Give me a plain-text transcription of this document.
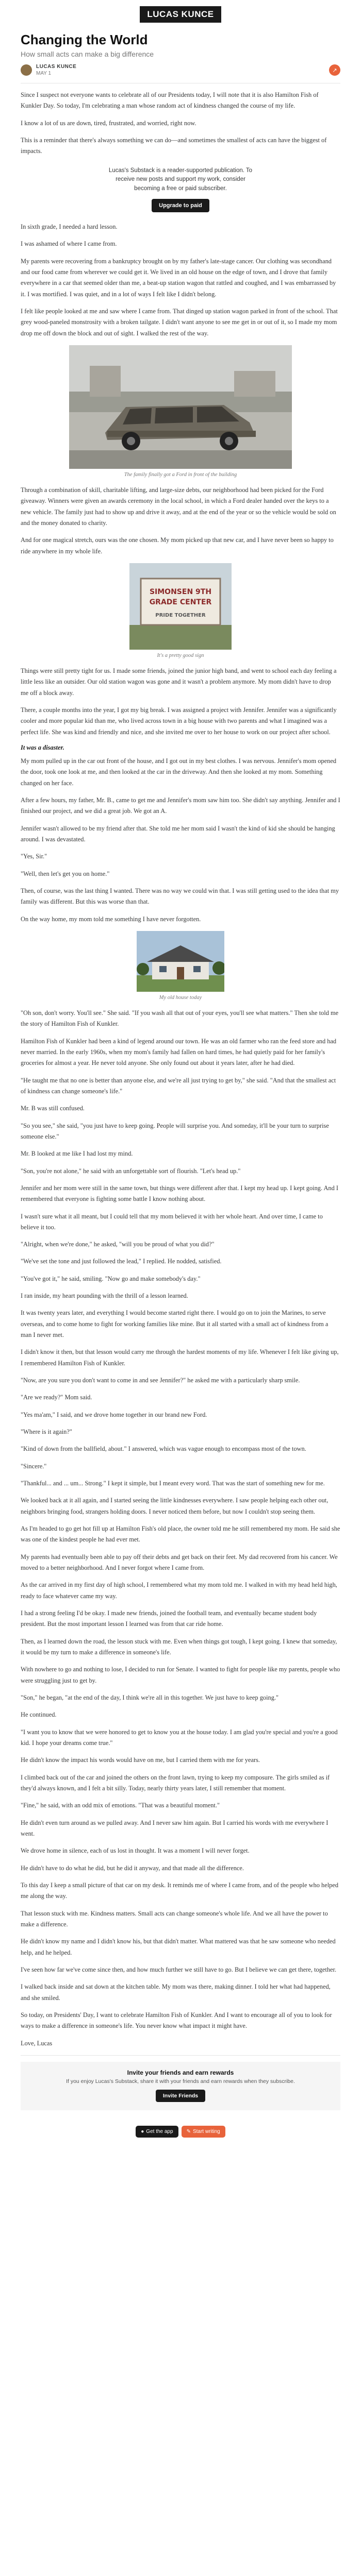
LUCAS KUNCE
Changing the World
How small acts can make a big difference
LUCAS KUNCE
MAY 1	↗

Since I suspect not everyone wants to celebrate all of our Presidents today, I will note that it is also Hamilton Fish of Kunkler Day. So today, I'm celebrating a man whose random act of kindness changed the course of my life.

I know a lot of us are down, tired, frustrated, and worried, right now.

This is a reminder that there's always something we can do—and sometimes the smallest of acts can have the biggest of impacts.

Lucas's Substack is a reader-supported publication. To
receive new posts and support my work, consider
becoming a free or paid subscriber.

Upgrade to paid

In sixth grade, I needed a hard lesson.

I was ashamed of where I came from.

My parents were recovering from a bankruptcy brought on by my father's late-stage cancer. Our clothing was secondhand and our food came from wherever we could get it. We lived in an old house on the edge of town, and I drove that family everywhere in a car that seemed older than me, a beat-up station wagon that rattled and coughed, and I was embarrassed by it. I was mortified. I was quiet, and in a lot of ways I felt like I didn't belong.

I felt like people looked at me and saw where I came from. That dinged up station wagon parked in front of the school. That grey wood-paneled monstrosity with a broken tailgate. I didn't want anyone to see me get in or out of it, so I made my mom drop me off down the block and out of sight. I walked the rest of the way.

The family finally got a Ford in front of the building

Through a combination of skill, charitable lifting, and large-size debts, our neighborhood had been picked for the Ford giveaway. Winners were given an awards ceremony in the local school, in which a Ford dealer handed over the keys to a new vehicle. The family just had to show up and drive it away, and at the end of the year or so the vehicle would be sold on and the money donated to charity.

And for one magical stretch, ours was the one chosen. My mom picked up that new car, and I have never been so happy to ride anywhere in my whole life.

SIMONSEN 9TH
GRADE CENTER
PRIDE TOGETHER
It's a pretty good sign

Things were still pretty tight for us. I made some friends, joined the junior high band, and went to school each day feeling a little less like an outsider. Our old station wagon was gone and it wasn't a problem anymore. My mom didn't have to drop me off a block away.

There, a couple months into the year, I got my big break. I was assigned a project with Jennifer. Jennifer was a significantly cooler and more popular kid than me, who lived across town in a big house with two parents and what I imagined was a perfect life. She was kind and friendly and nice, and she invited me over to her house to work on our project after school.

It was a disaster.

My mom pulled up in the car out front of the house, and I got out in my best clothes. I was nervous. Jennifer's mom opened the door, took one look at me, and then looked at the car in the driveway. And then she looked at my mom. Something changed on her face.

After a few hours, my father, Mr. B., came to get me and Jennifer's mom saw him too. She didn't say anything. Jennifer and I finished our project, and we did a great job. We got an A.

Jennifer wasn't allowed to be my friend after that. She told me her mom said I wasn't the kind of kid she should be hanging around. I was devastated.

"Yes, Sir."

"Well, then let's get you on home."

Then, of course, was the last thing I wanted. There was no way we could win that. I was still getting used to the idea that my family was different. But this was worse than that.

On the way home, my mom told me something I have never forgotten.

My old house today

"Oh son, don't worry. You'll see." She said. "If you wash all that out of your eyes, you'll see what matters." Then she told me the story of Hamilton Fish of Kunkler.

Hamilton Fish of Kunkler had been a kind of legend around our town. He was an old farmer who ran the feed store and had never married. In the early 1960s, when my mom's family had fallen on hard times, he had quietly paid for her family's groceries for almost a year. He never told anyone. She only found out about it years later, after he had died.

"He taught me that no one is better than anyone else, and we're all just trying to get by," she said. "And that the smallest act of kindness can change someone's life."

Mr. B was still confused.

"So you see," she said, "you just have to keep going. People will surprise you. And someday, it'll be your turn to surprise someone else."

Mr. B looked at me like I had lost my mind.

"Son, you're not alone," he said with an unforgettable sort of flourish. "Let's head up."

Jennifer and her mom were still in the same town, but things were different after that. I kept my head up. I kept going. And I remembered that everyone is fighting some battle I know nothing about.

I wasn't sure what it all meant, but I could tell that my mom believed it with her whole heart. And over time, I came to believe it too.

"Alright, when we're done," he asked, "will you be proud of what you did?"

"We've set the tone and just followed the lead," I replied. He nodded, satisfied.

"You've got it," he said, smiling. "Now go and make somebody's day."

I ran inside, my heart pounding with the thrill of a lesson learned.

It was twenty years later, and everything I would become started right there. I would go on to join the Marines, to serve overseas, and to come home to fight for working families like mine. But it all started with a small act of kindness from a man I never met.

I didn't know it then, but that lesson would carry me through the hardest moments of my life. Whenever I felt like giving up, I remembered Hamilton Fish of Kunkler.

"Now, are you sure you don't want to come in and see Jennifer?" he asked me with a particularly sharp smile.

"Are we ready?" Mom said.

"Yes ma'am," I said, and we drove home together in our brand new Ford.

"Where is it again?"

"Kind of down from the ballfield, about." I answered, which was vague enough to encompass most of the town.

"Sincere."

"Thankful... and ... um... Strong." I kept it simple, but I meant every word. That was the start of something new for me.

We looked back at it all again, and I started seeing the little kindnesses everywhere. I saw people helping each other out, neighbors bringing food, strangers holding doors. I never noticed them before, but now I couldn't stop seeing them.

As I'm headed to go get hot fill up at Hamilton Fish's old place, the owner told me he still remembered my mom. He said she was one of the kindest people he had ever met.

My parents had eventually been able to pay off their debts and get back on their feet. My dad recovered from his cancer. We moved to a better neighborhood. And I never forgot where I came from.

As the car arrived in my first day of high school, I remembered what my mom told me. I walked in with my head held high, ready to face whatever came my way.

I had a strong feeling I'd be okay. I made new friends, joined the football team, and eventually became student body president. But the most important lesson I learned was from that car ride home.

Then, as I learned down the road, the lesson stuck with me. Even when things got tough, I kept going. I knew that someday, it would be my turn to make a difference in someone's life.

With nowhere to go and nothing to lose, I decided to run for Senate. I wanted to fight for people like my parents, people who were struggling just to get by.

"Son," he began, "at the end of the day, I think we're all in this together. We just have to keep going."

He continued.

"I want you to know that we were honored to get to know you at the house today. I am glad you're special and you're a good kid. I hope your dreams come true."

He didn't know the impact his words would have on me, but I carried them with me for years.

I climbed back out of the car and joined the others on the front lawn, trying to keep my composure. The girls smiled as if they'd always known, and I felt a bit silly. Today, nearly thirty years later, I still remember that moment.

"Fine," he said, with an odd mix of emotions. "That was a beautiful moment."

He didn't even turn around as we pulled away. And I never saw him again. But I carried his words with me everywhere I went.

We drove home in silence, each of us lost in thought. It was a moment I will never forget.

He didn't have to do what he did, but he did it anyway, and that made all the difference.

To this day I keep a small picture of that car on my desk. It reminds me of where I came from, and of the people who helped me along the way.

That lesson stuck with me. Kindness matters. Small acts can change someone's whole life. And we all have the power to make a difference.

He didn't know my name and I didn't know his, but that didn't matter. What mattered was that he saw someone who needed help, and he helped.

I've seen how far we've come since then, and how much further we still have to go. But I believe we can get there, together.

I walked back inside and sat down at the kitchen table. My mom was there, making dinner. I told her what had happened, and she smiled.

So today, on Presidents' Day, I want to celebrate Hamilton Fish of Kunkler. And I want to encourage all of you to look for ways to make a difference in someone's life. You never know what impact it might have.

Love, Lucas

Invite your friends and earn rewards
If you enjoy Lucas's Substack, share it with your friends and earn rewards when they subscribe.
Invite Friends
● Get the app	✎ Start writing
